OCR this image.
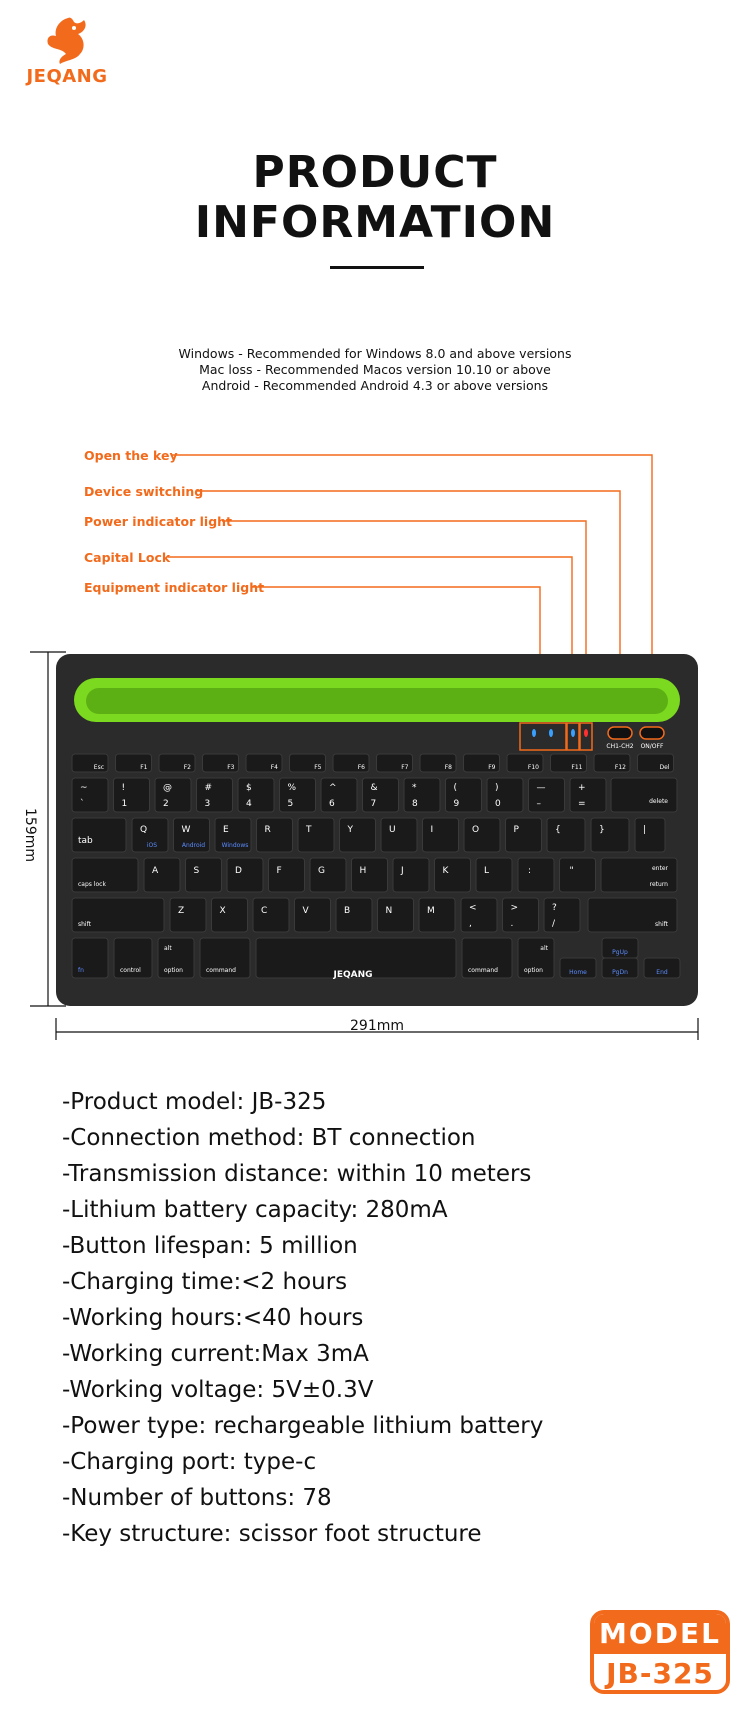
JEQANG
PRODUCT
INFORMATION
Windows - Recommended for Windows 8.0 and above versions
Mac loss - Recommended Macos version 10.10 or above
Android - Recommended Android 4.3 or above versions
Open the key
Device switching
Power indicator light
Capital Lock
Equipment indicator light
159mm
CH1-CH2 ON/OFF
Esc	F1	F2	F3	F4	F5	F6	F7	F8	F9	F10	F11	F12	Del
~
`
!
1
@
2
#
3
$
4
%
5
^
6
&
7
*
8
(
9
)
0
—
–
+
=	delete
tab
Q	W	E	R	T	Y	U	I	O	P
iOS	Android	Windows
{	}	|
caps lock
A	S	D	F	G	H	J	K	L	:	"	enter
return
shift
Z	X	C	V	B	N	M	<
,
>
.
?
/	shift
fn	control
alt
option	command	command
alt
option	Home
PgUp
PgDn	End
JEQANG
291mm
-Product model: JB-325
-Connection method: BT connection
-Transmission distance: within 10 meters
-Lithium battery capacity: 280mA
-Button lifespan: 5 million
-Charging time:<2 hours
-Working hours:<40 hours
-Working current:Max 3mA
-Working voltage: 5V±0.3V
-Power type: rechargeable lithium battery
-Charging port: type-c
-Number of buttons: 78
-Key structure: scissor foot structure
MODEL
JB-325
